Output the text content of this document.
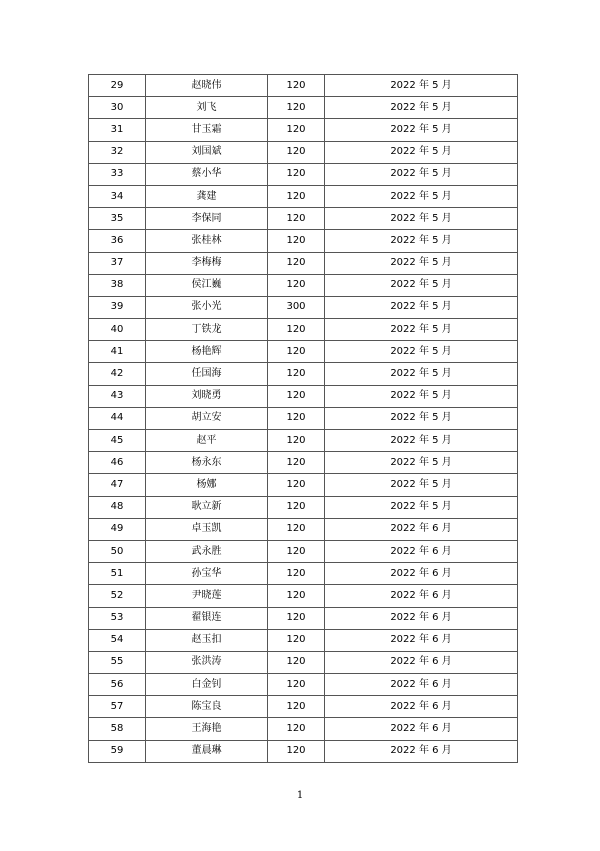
29	赵晓伟	120	2022 年 5 月
30	刘飞	120	2022 年 5 月
31	甘玉霜	120	2022 年 5 月
32	刘国斌	120	2022 年 5 月
33	蔡小华	120	2022 年 5 月
34	龚建	120	2022 年 5 月
35	李保同	120	2022 年 5 月
36	张桂林	120	2022 年 5 月
37	李梅梅	120	2022 年 5 月
38	侯江巍	120	2022 年 5 月
39	张小光	300	2022 年 5 月
40	丁铁龙	120	2022 年 5 月
41	杨艳辉	120	2022 年 5 月
42	任国海	120	2022 年 5 月
43	刘晓勇	120	2022 年 5 月
44	胡立安	120	2022 年 5 月
45	赵平	120	2022 年 5 月
46	杨永东	120	2022 年 5 月
47	杨娜	120	2022 年 5 月
48	耿立新	120	2022 年 5 月
49	卓玉凯	120	2022 年 6 月
50	武永胜	120	2022 年 6 月
51	孙宝华	120	2022 年 6 月
52	尹晓莲	120	2022 年 6 月
53	翟银连	120	2022 年 6 月
54	赵玉扣	120	2022 年 6 月
55	张洪涛	120	2022 年 6 月
56	白金钊	120	2022 年 6 月
57	陈宝良	120	2022 年 6 月
58	王海艳	120	2022 年 6 月
59	董晨琳	120	2022 年 6 月
1
